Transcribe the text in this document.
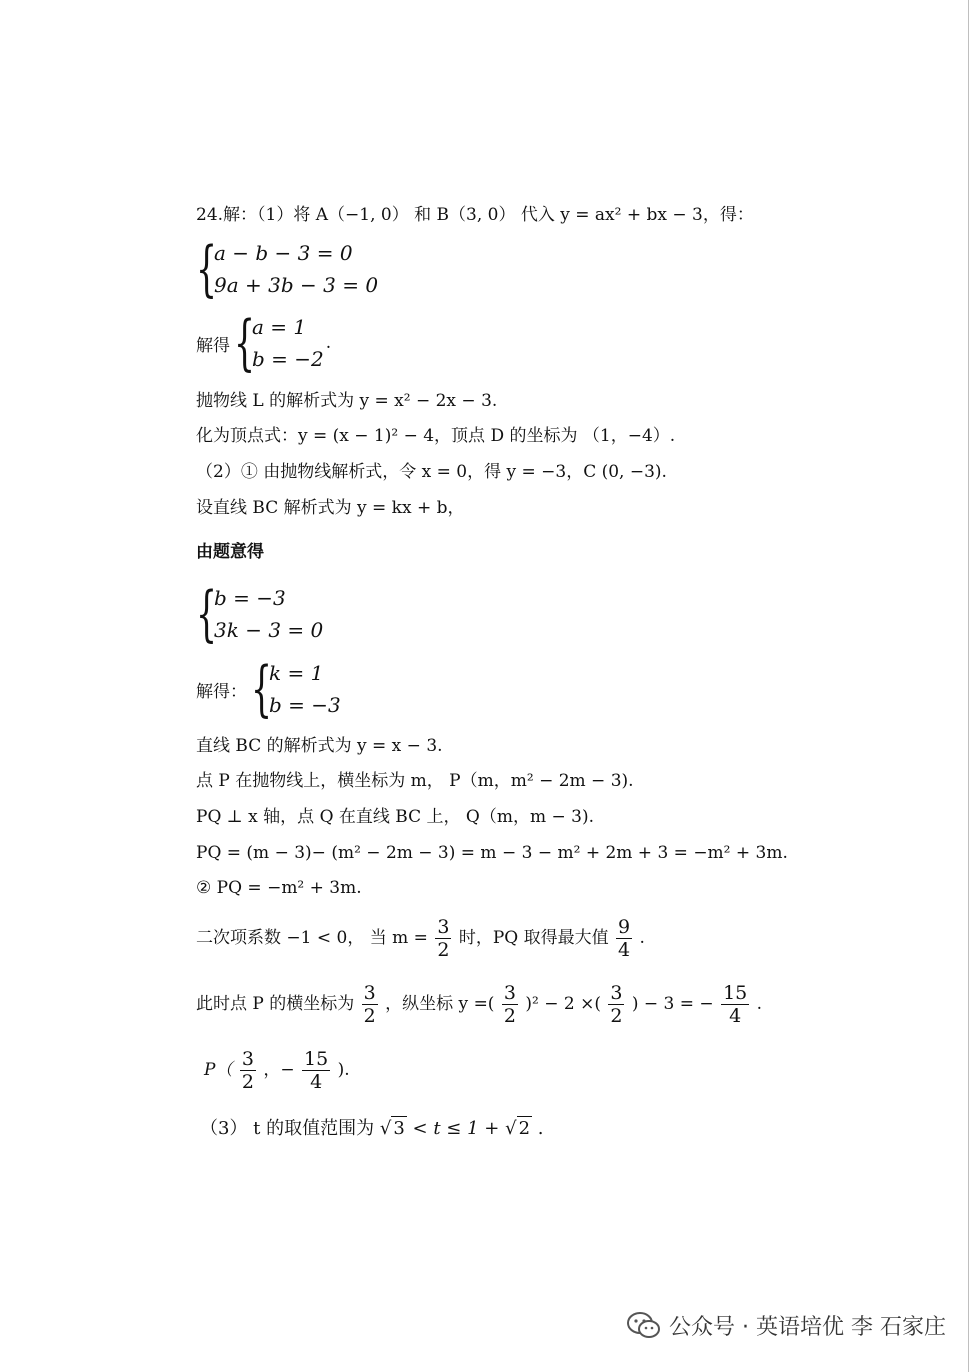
24.解：（1）将 A（−1, 0） 和 B（3, 0） 代入 y = ax² + bx − 3，得：
{
a − b − 3 = 0
9a + 3b − 3 = 0
解得 {
a = 1
b = −2
.
抛物线 L 的解析式为 y = x² − 2x − 3.
化为顶点式：y = (x − 1)² − 4，顶点 D 的坐标为 （1，−4）.
（2）① 由抛物线解析式，令 x = 0，得 y = −3，C (0, −3).
设直线 BC 解析式为 y = kx + b，
由题意得
{
b = −3
3k − 3 = 0
解得： {
k = 1
b = −3
直线 BC 的解析式为 y = x − 3.
点 P 在抛物线上，横坐标为 m， P（m，m² − 2m − 3).
PQ ⊥ x 轴，点 Q 在直线 BC 上， Q（m，m − 3).
PQ = (m − 3)− (m² − 2m − 3) = m − 3 − m² + 2m + 3 = −m² + 3m.
② PQ = −m² + 3m.
二次项系数 −1 < 0， 当 $m = \frac{3}{2}$ 时，PQ 取得最大值 $\frac{9}{4}$ .
此时点 P 的横坐标为 $\frac{3}{2}$ ，纵坐标 y =( $\frac{3}{2} )^2 - 2$ ×( $\frac{3}{2}$ ) − 3 = − $\frac{15}{4}$ .
$P( \frac{3}{2}$ ，− $\frac{15}{4}$ ).
（3） t 的取值范围为 √ 3 < t ≤ 1 + √ 2 .
公众号 · 英语培优 李 石家庄
